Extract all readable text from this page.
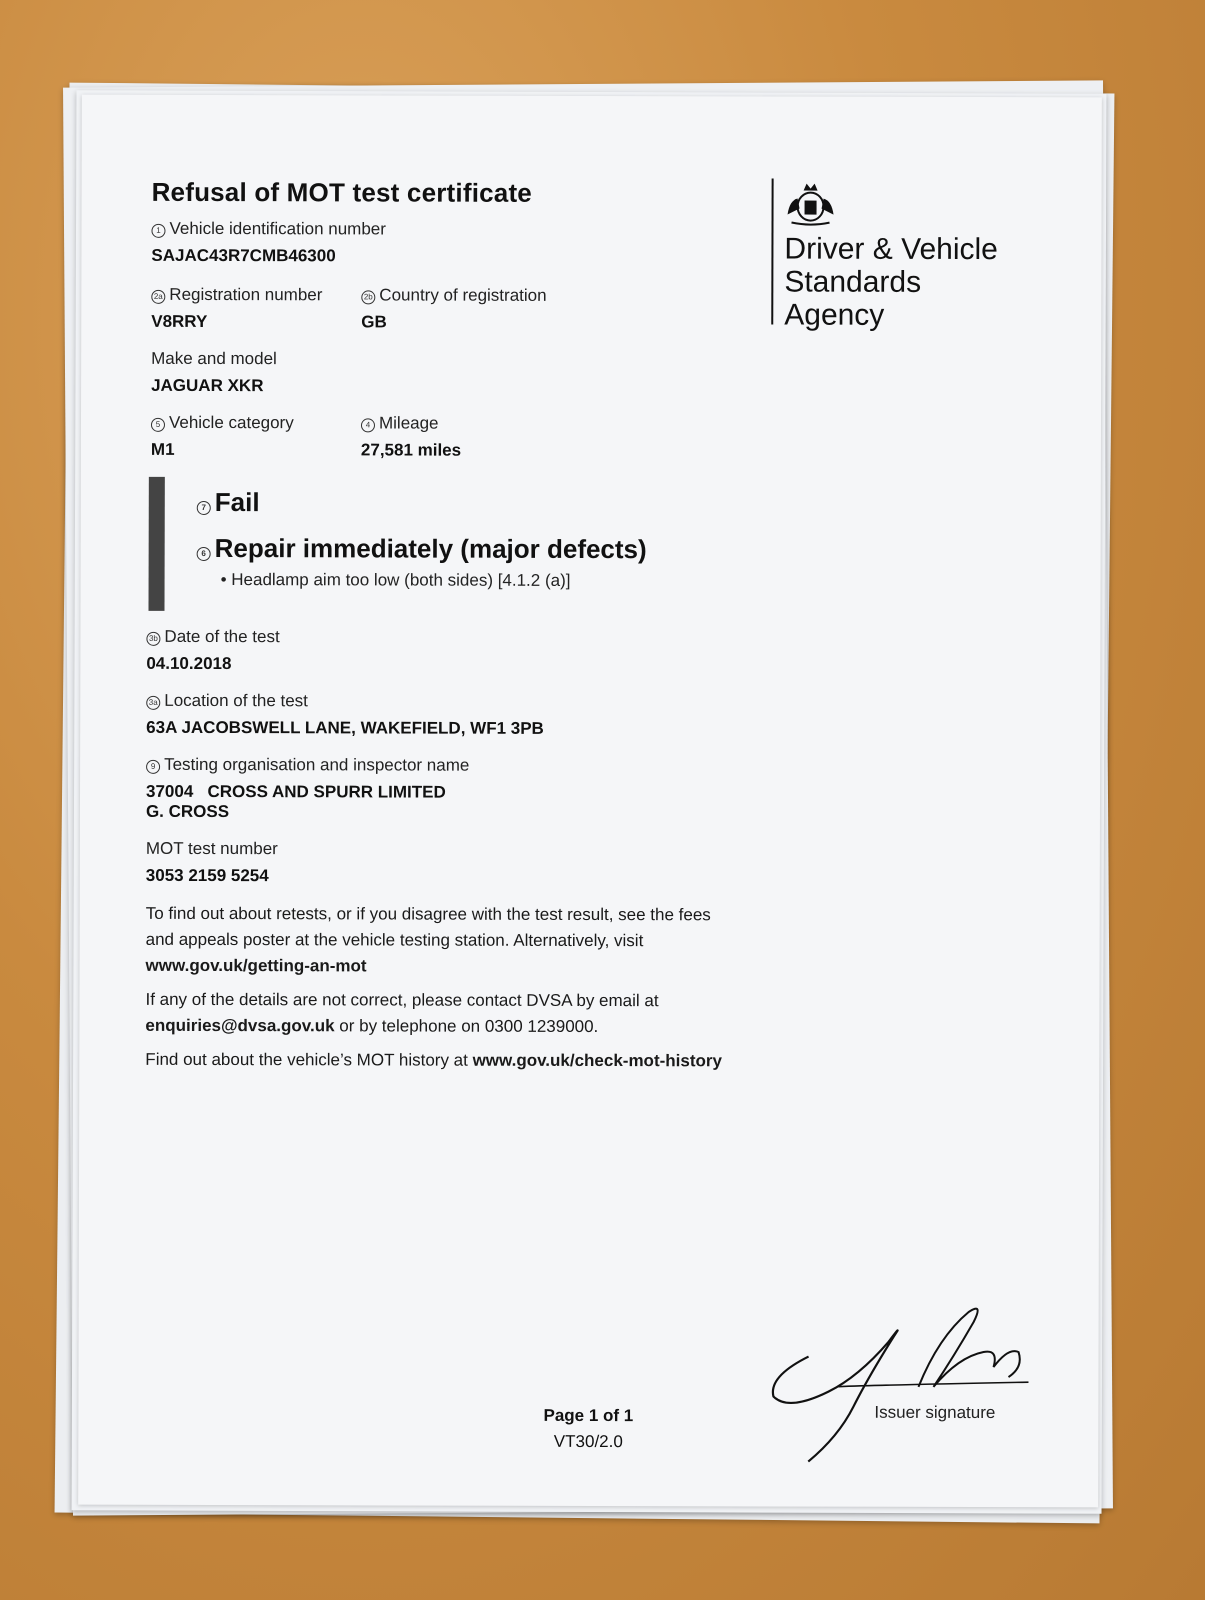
Refusal of MOT test certificate
Driver & Vehicle
Standards
Agency
1 Vehicle identification number
SAJAC43R7CMB46300
2a Registration number
V8RRY
2b Country of registration
GB
Make and model
JAGUAR XKR
5 Vehicle category
M1
4 Mileage
27,581 miles
7 Fail
6 Repair immediately (major defects)
• Headlamp aim too low (both sides) [4.1.2 (a)]
3b Date of the test
04.10.2018
3a Location of the test
63A JACOBSWELL LANE, WAKEFIELD, WF1 3PB
9 Testing organisation and inspector name
37004   CROSS AND SPURR LIMITED
G. CROSS
MOT test number
3053 2159 5254
To find out about retests, or if you disagree with the test result, see the fees
and appeals poster at the vehicle testing station. Alternatively, visit
www.gov.uk/getting-an-mot
If any of the details are not correct, please contact DVSA by email at
enquiries@dvsa.gov.uk or by telephone on 0300 1239000.
Find out about the vehicle’s MOT history at www.gov.uk/check-mot-history
Page 1 of 1
VT30/2.0
Issuer signature
